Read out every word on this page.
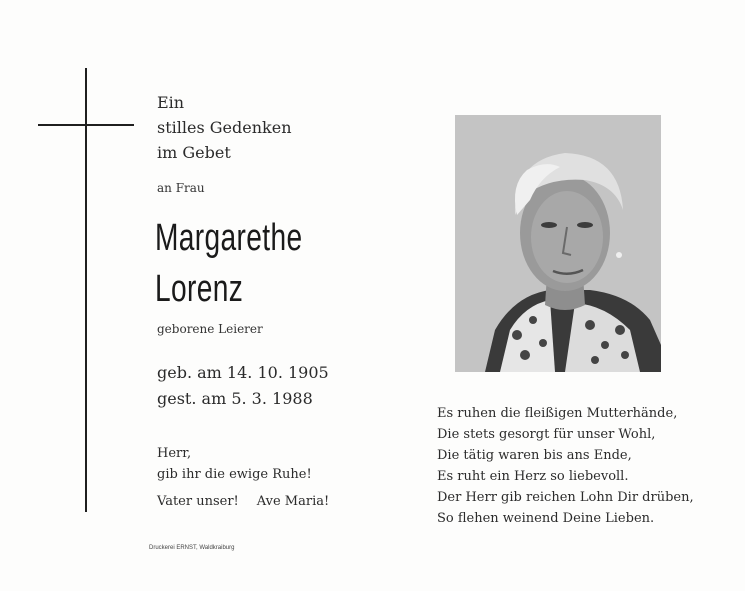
Ein
stilles Gedenken
im Gebet
an Frau
Margarethe
Lorenz
geborene Leierer
geb. am 14. 10. 1905
gest. am 5. 3. 1988
Herr,
gib ihr die ewige Ruhe!
Vater unser! Ave Maria!
Druckerei ERNST, Waldkraiburg
Es ruhen die fleißigen Mutterhände,
Die stets gesorgt für unser Wohl,
Die tätig waren bis ans Ende,
Es ruht ein Herz so liebevoll.
Der Herr gib reichen Lohn Dir drüben,
So flehen weinend Deine Lieben.
